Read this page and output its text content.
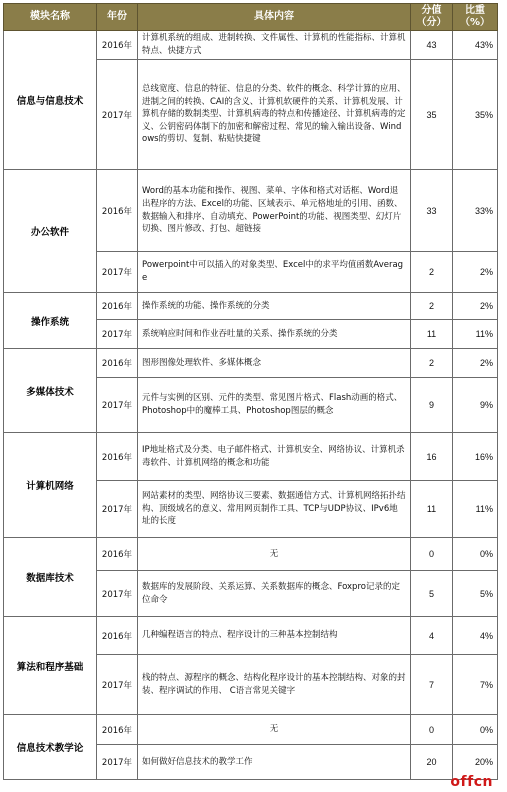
模块名称	年份	具体内容	分值（分）	比重（%）
信息与信息技术	2016年	计算机系统的组成、进制转换、文件属性、计算机的性能指标、计算机特点、快捷方式	43	43%
	2017年	总线宽度、信息的特征、信息的分类、软件的概念、科学计算的应用、进制之间的转换、CAI的含义、计算机软硬件的关系、计算机发展、计算机存储的数制类型、计算机病毒的特点和传播途径、计算机病毒的定义、公钥密码体制下的加密和解密过程、常见的输入输出设备、Windows的剪切、复制、粘贴快捷键	35	35%
办公软件	2016年	Word的基本功能和操作、视图、菜单、字体和格式对话框、Word退出程序的方法、Excel的功能、区域表示、单元格地址的引用、函数、数据输入和排序、自动填充、PowerPoint的功能、视图类型、幻灯片切换、图片修改、打包、超链接	33	33%
	2017年	Powerpoint中可以插入的对象类型、Excel中的求平均值函数Average	2	2%
操作系统	2016年	操作系统的功能、操作系统的分类	2	2%
	2017年	系统响应时间和作业吞吐量的关系、操作系统的分类	11	11%
多媒体技术	2016年	图形图像处理软件、多媒体概念	2	2%
	2017年	元件与实例的区别、元件的类型、常见图片格式、Flash动画的格式、Photoshop中的魔棒工具、Photoshop图层的概念	9	9%
计算机网络	2016年	IP地址格式及分类、电子邮件格式、计算机安全、网络协议、计算机杀毒软件、计算机网络的概念和功能	16	16%
	2017年	网站素材的类型、网络协议三要素、数据通信方式、计算机网络拓扑结构、顶级域名的意义、常用网页制作工具、TCP与UDP协议、IPv6地址的长度	11	11%
数据库技术	2016年	无	0	0%
	2017年	数据库的发展阶段、关系运算、关系数据库的概念、Foxpro记录的定位命令	5	5%
算法和程序基础	2016年	几种编程语言的特点、程序设计的三种基本控制结构	4	4%
	2017年	栈的特点、源程序的概念、结构化程序设计的基本控制结构、对象的封装、程序调试的作用、 C语言常见关键字	7	7%
信息技术教学论	2016年	无	0	0%
	2017年	如何做好信息技术的教学工作	20	20%
offcn
